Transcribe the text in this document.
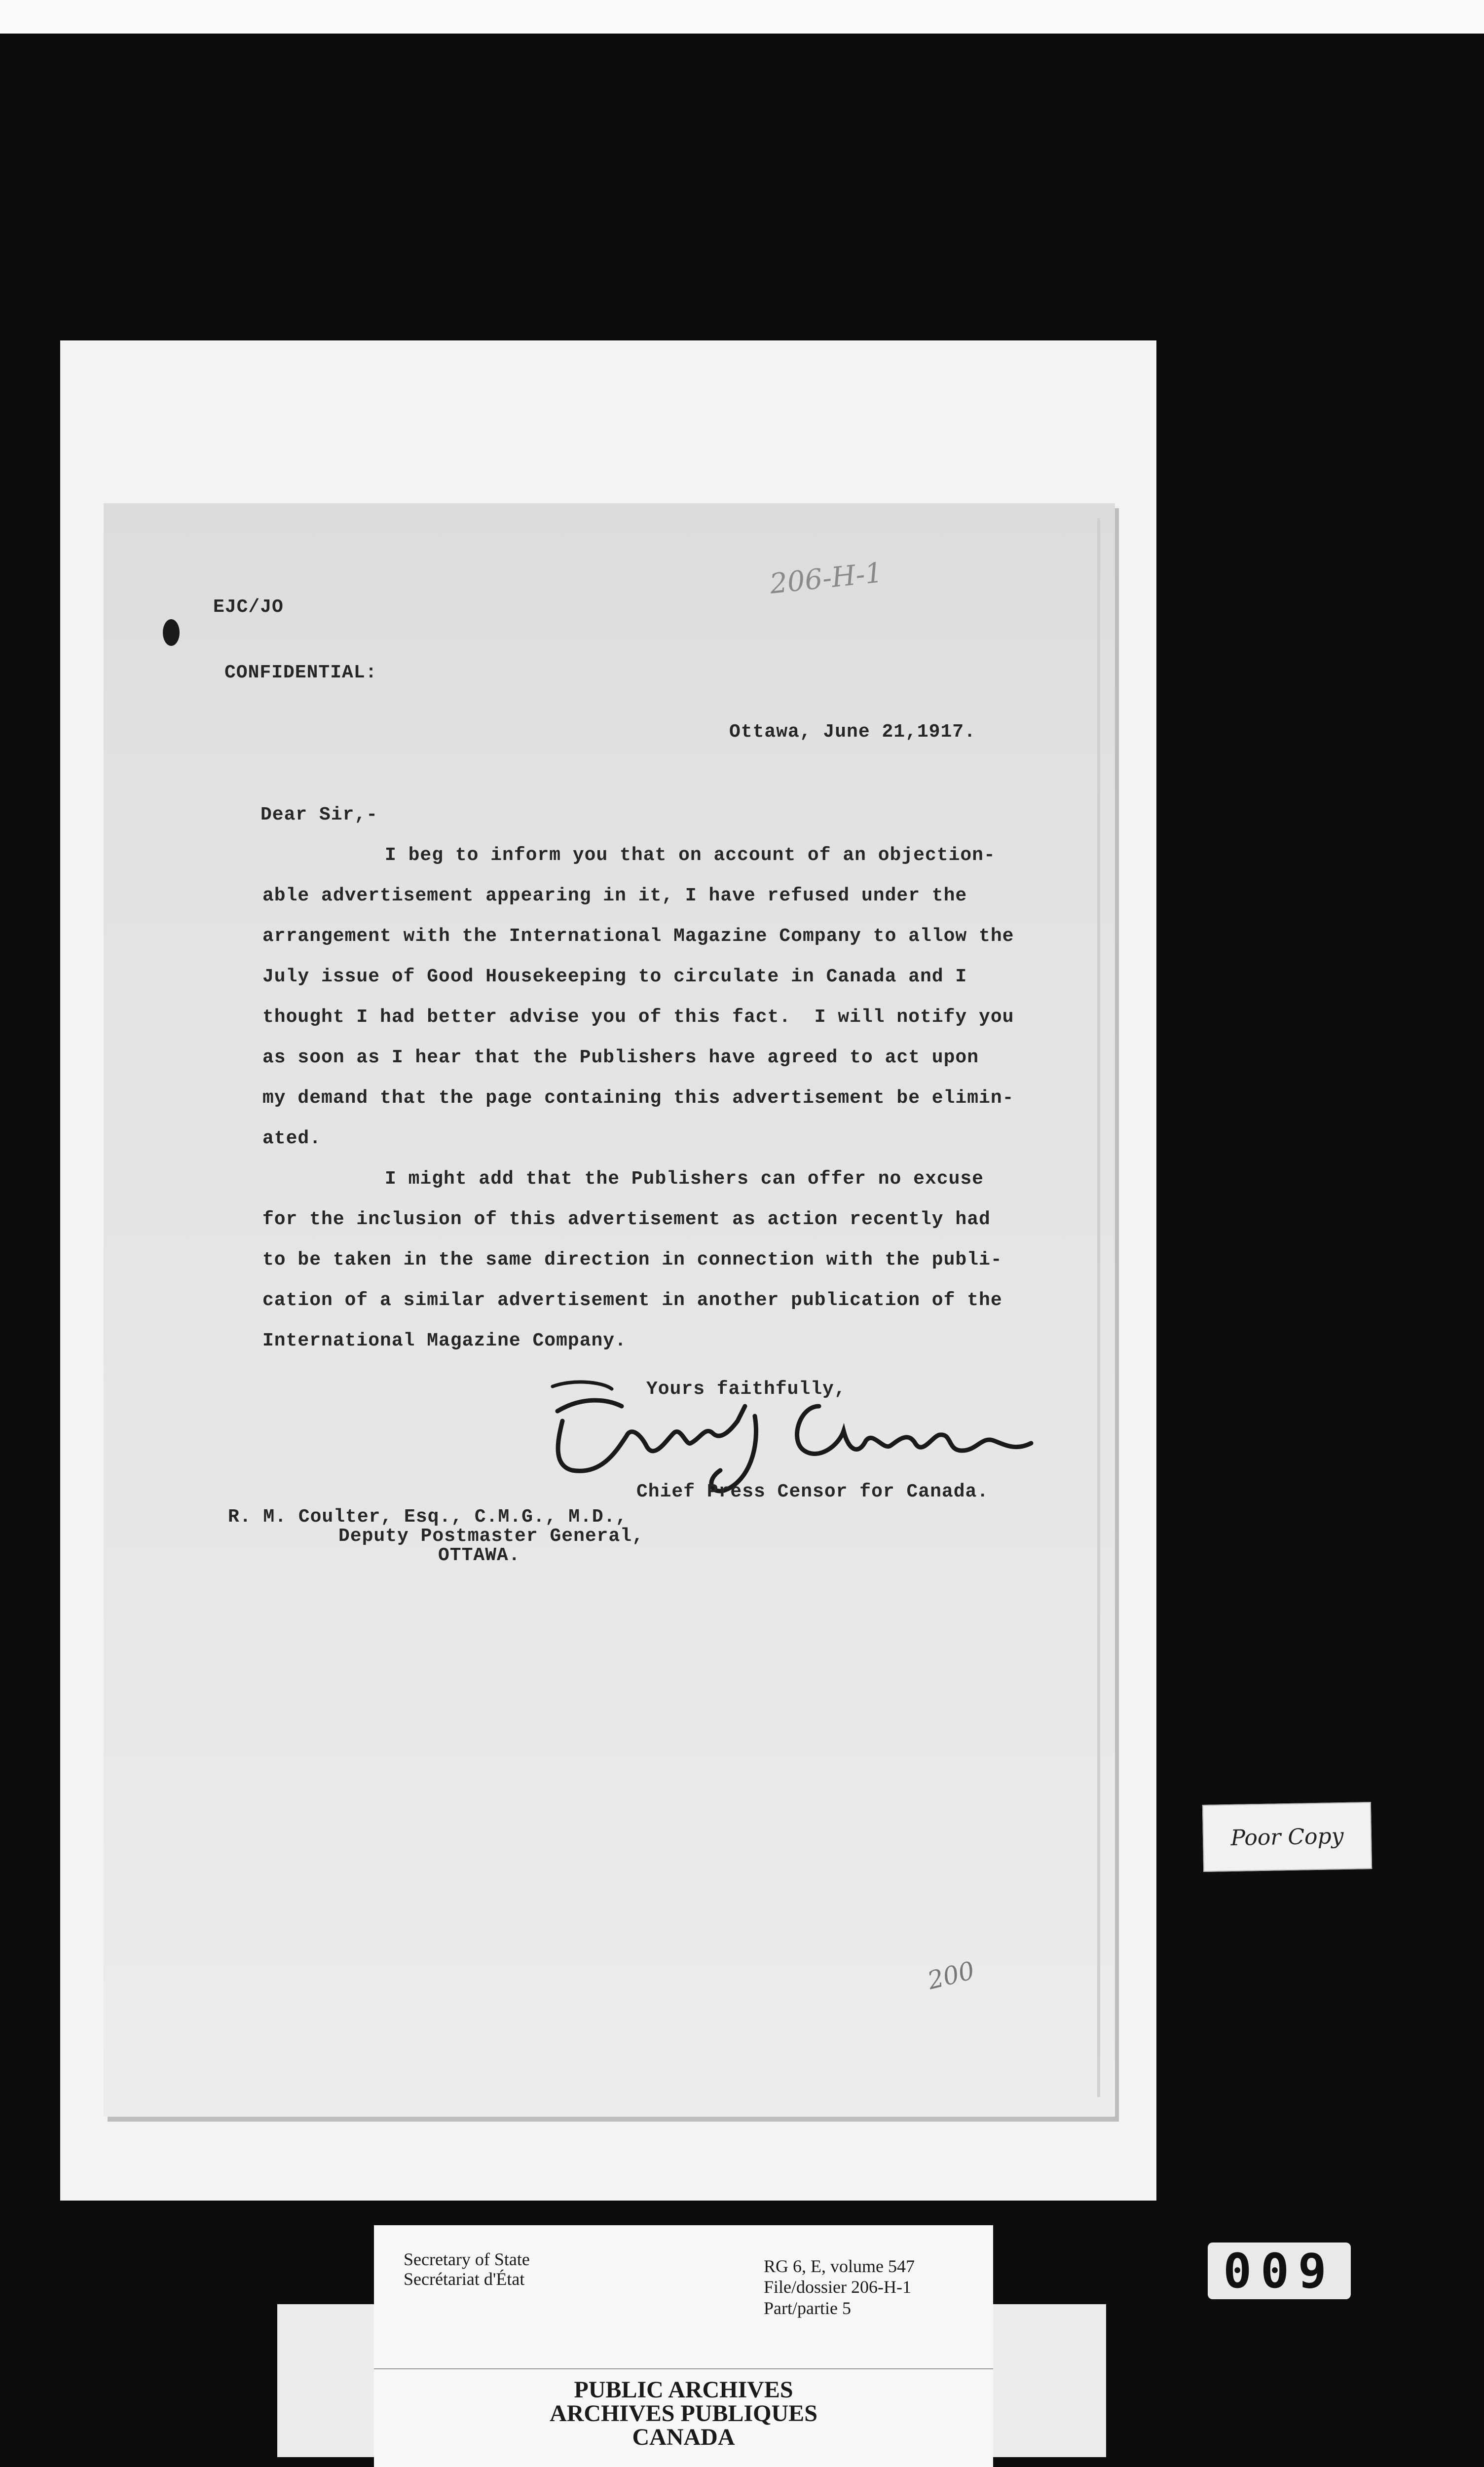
206-H-1
EJC/JO
CONFIDENTIAL:
Ottawa, June 21,1917.
Dear Sir,-
I beg to inform you that on account of an objection-
able advertisement appearing in it, I have refused under the
arrangement with the International Magazine Company to allow the
July issue of Good Housekeeping to circulate in Canada and I
thought I had better advise you of this fact.  I will notify you
as soon as I hear that the Publishers have agreed to act upon
my demand that the page containing this advertisement be elimin-
ated.
I might add that the Publishers can offer no excuse
for the inclusion of this advertisement as action recently had
to be taken in the same direction in connection with the publi-
cation of a similar advertisement in another publication of the
International Magazine Company.
Yours faithfully,
Chief Press Censor for Canada.
R. M. Coulter, Esq., C.M.G., M.D.,
Deputy Postmaster General,
OTTAWA.
200
Poor Copy
009
Secretary of State
Secrétariat d'État
RG 6, E, volume 547
File/dossier 206-H-1
Part/partie 5
PUBLIC ARCHIVES
ARCHIVES PUBLIQUES
CANADA
